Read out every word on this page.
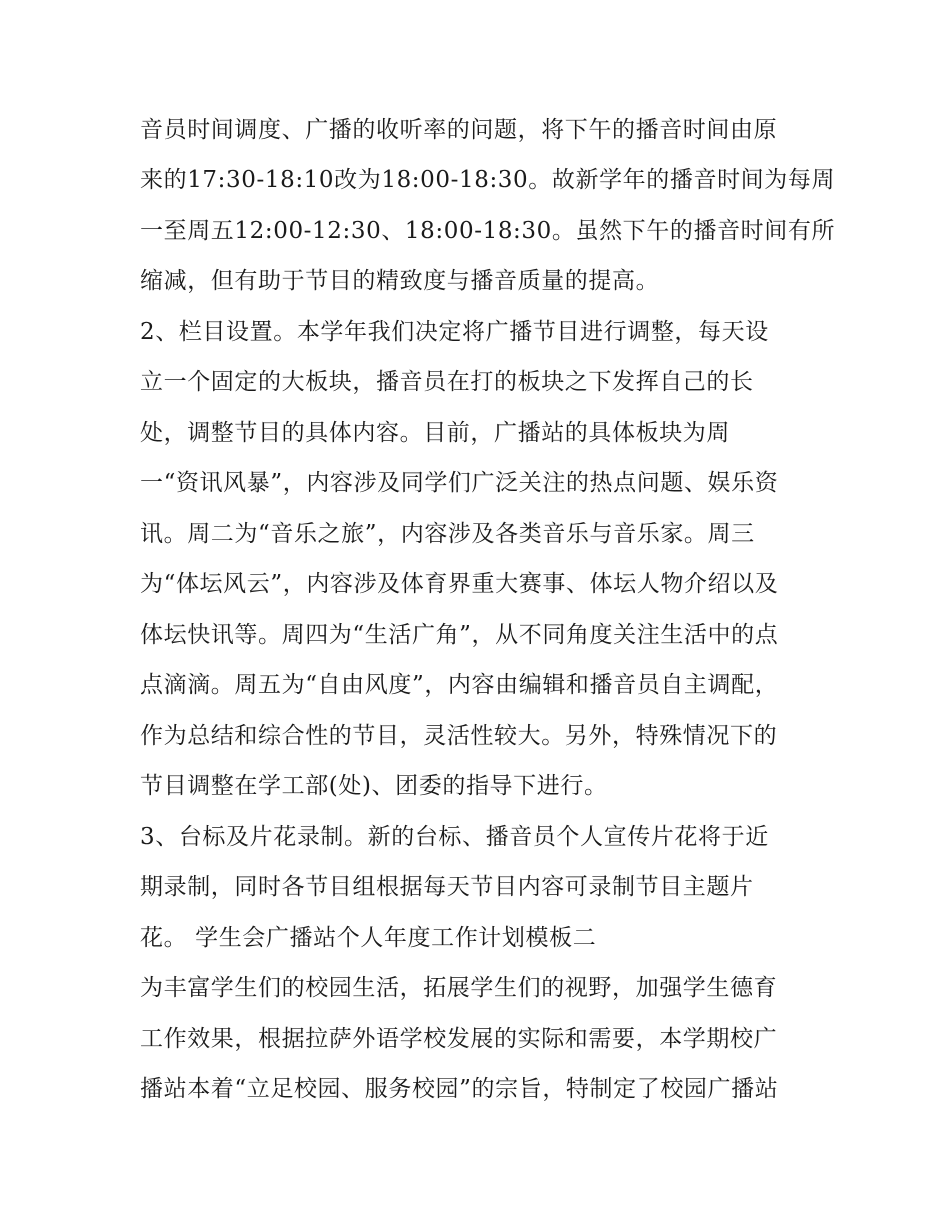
音员时间调度、广播的收听率的问题，将下午的播音时间由原
来的17:30-18:10改为18:00-18:30。故新学年的播音时间为每周
一至周五12:00-12:30、18:00-18:30。虽然下午的播音时间有所
缩减，但有助于节目的精致度与播音质量的提高。
2、栏目设置。本学年我们决定将广播节目进行调整，每天设
立一个固定的大板块，播音员在打的板块之下发挥自己的长
处，调整节目的具体内容。目前，广播站的具体板块为周
一“资讯风暴”，内容涉及同学们广泛关注的热点问题、娱乐资
讯。周二为“音乐之旅”，内容涉及各类音乐与音乐家。周三
为“体坛风云”，内容涉及体育界重大赛事、体坛人物介绍以及
体坛快讯等。周四为“生活广角”，从不同角度关注生活中的点
点滴滴。周五为“自由风度”，内容由编辑和播音员自主调配，
作为总结和综合性的节目，灵活性较大。另外，特殊情况下的
节目调整在学工部(处)、团委的指导下进行。
3、台标及片花录制。新的台标、播音员个人宣传片花将于近
期录制，同时各节目组根据每天节目内容可录制节目主题片
花。 学生会广播站个人年度工作计划模板二
为丰富学生们的校园生活，拓展学生们的视野，加强学生德育
工作效果，根据拉萨外语学校发展的实际和需要，本学期校广
播站本着“立足校园、服务校园”的宗旨，特制定了校园广播站
